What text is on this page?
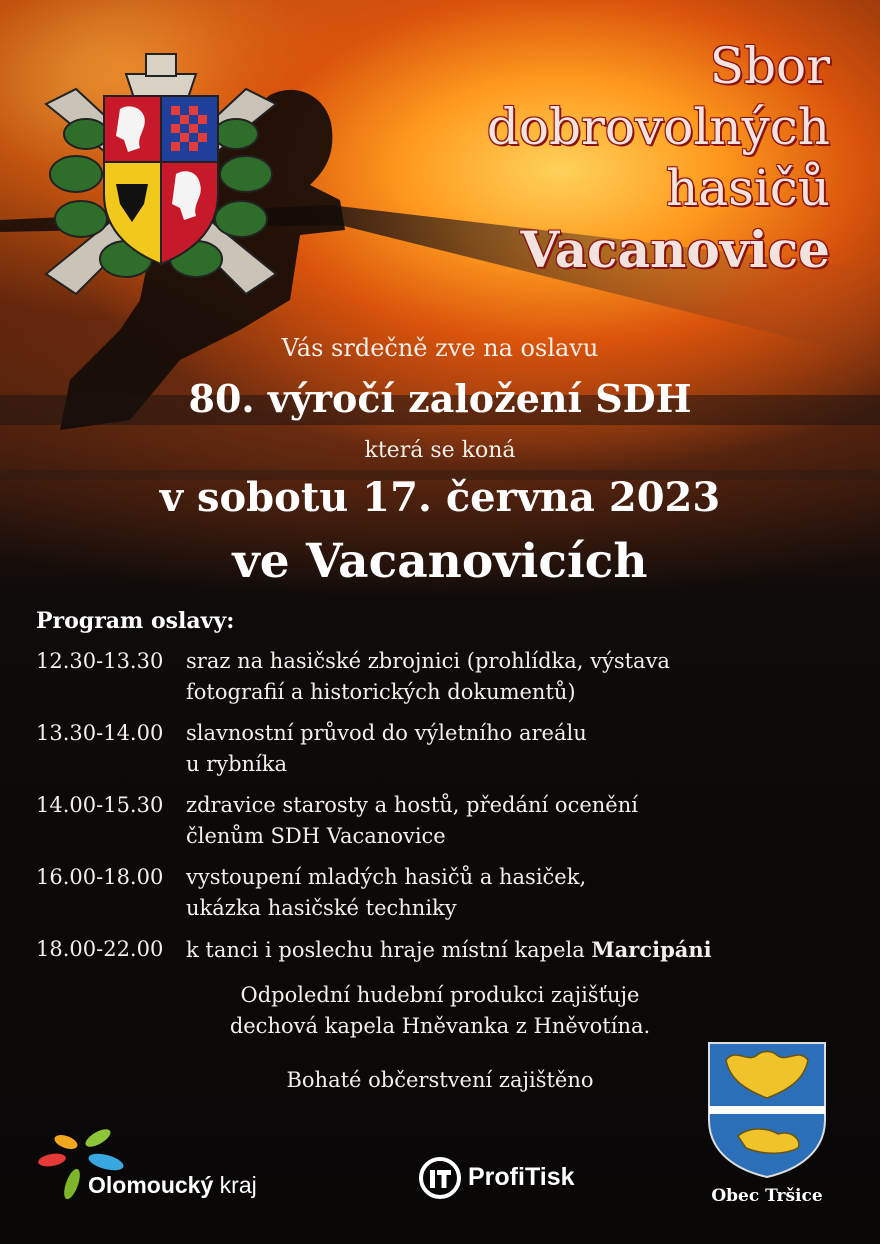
Sbor
dobrovolných
hasičů
Vacanovice
Vás srdečně zve na oslavu
80. výročí založení SDH
která se koná
v sobotu 17. června 2023
ve Vacanovicích
Program oslavy:
12.30-13.30	sraz na hasičské zbrojnici (prohlídka, výstava
fotografií a historických dokumentů)
13.30-14.00	slavnostní průvod do výletního areálu
u rybníka
14.00-15.30	zdravice starosty a hostů, předání ocenění
členům SDH Vacanovice
16.00-18.00	vystoupení mladých hasičů a hasiček,
ukázka hasičské techniky
18.00-22.00	k tanci i poslechu hraje místní kapela Marcipáni
Odpolední hudební produkci zajišťuje
dechová kapela Hněvanka z Hněvotína.
Bohaté občerstvení zajištěno
Olomoucký kraj	ProfiTisk
Obec Tršice
